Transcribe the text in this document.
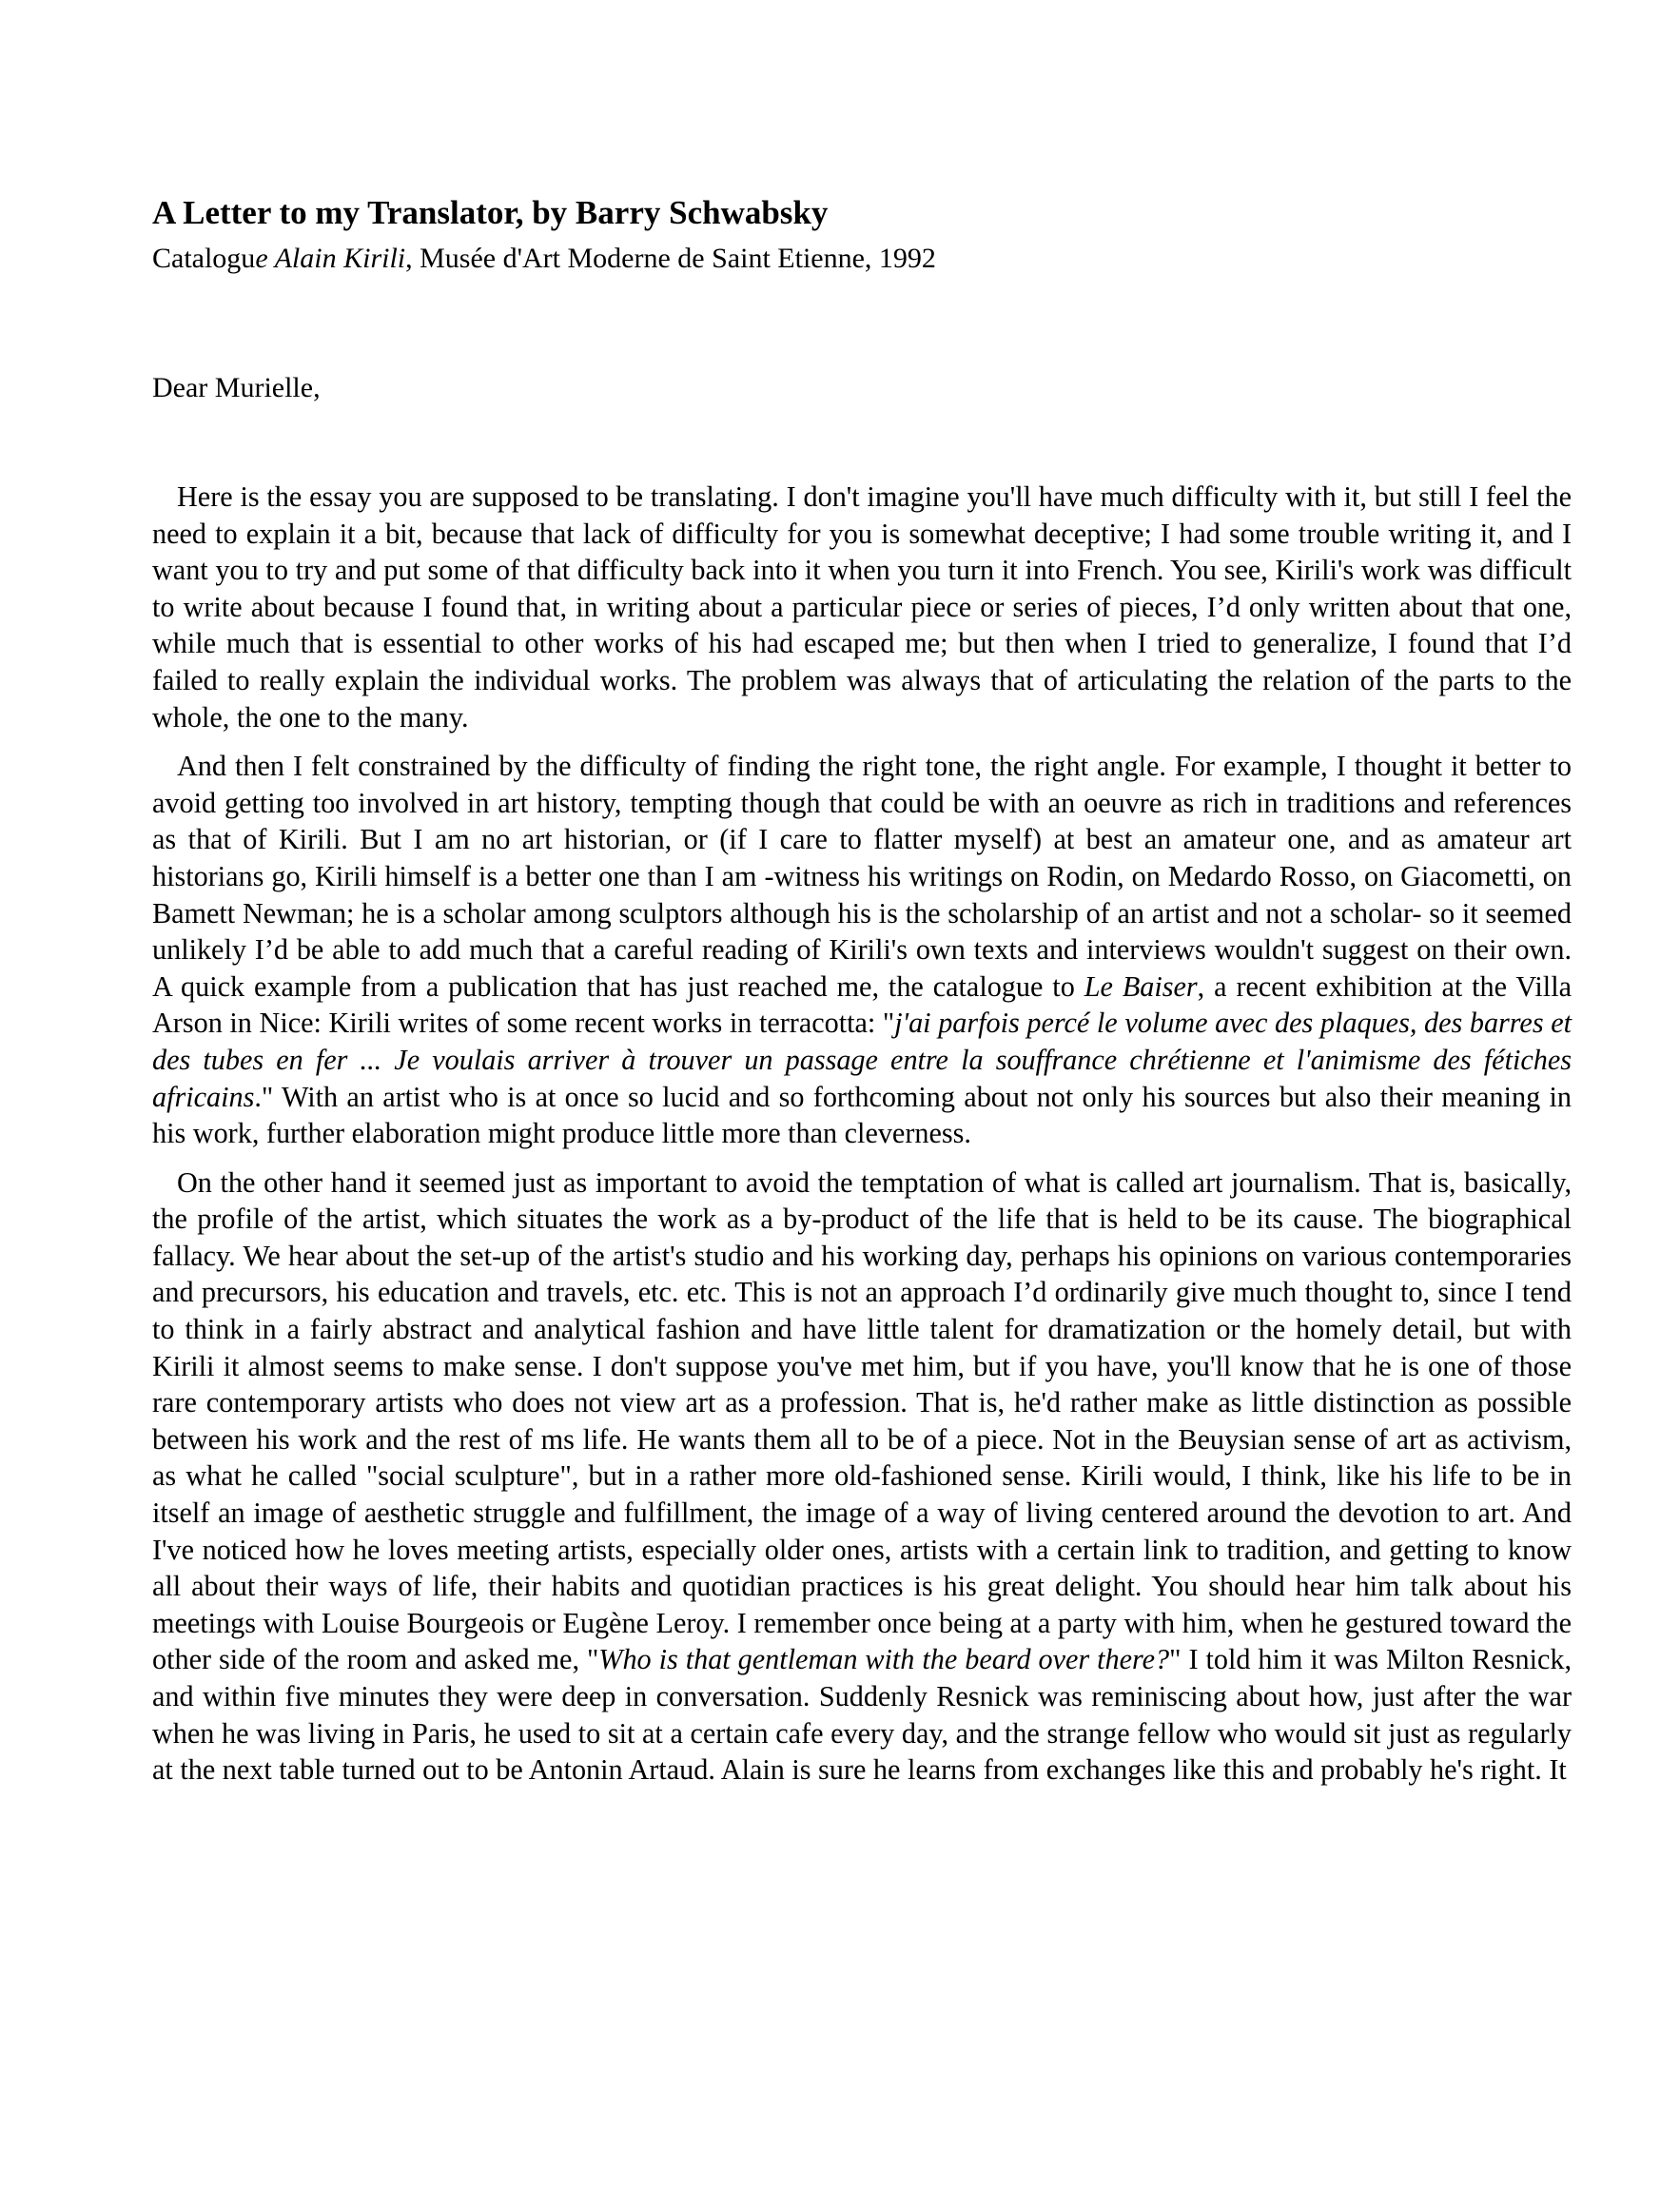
A Letter to my Translator, by Barry Schwabsky

Catalogue Alain Kirili, Musée d'Art Moderne de Saint Etienne, 1992

Dear Murielle,

Here is the essay you are supposed to be translating. I don't imagine you'll have much difficulty with it, but still I feel the need to explain it a bit, because that lack of difficulty for you is somewhat deceptive; I had some trouble writing it, and I want you to try and put some of that difficulty back into it when you turn it into French. You see, Kirili's work was difficult to write about because I found that, in writing about a particular piece or series of pieces, I’d only written about that one, while much that is essential to other works of his had escaped me; but then when I tried to generalize, I found that I’d failed to really explain the individual works. The problem was always that of articulating the relation of the parts to the whole, the one to the many.

And then I felt constrained by the difficulty of finding the right tone, the right angle. For example, I thought it better to avoid getting too involved in art history, tempting though that could be with an oeuvre as rich in traditions and references as that of Kirili. But I am no art historian, or (if I care to flatter myself) at best an amateur one, and as amateur art historians go, Kirili himself is a better one than I am -witness his writings on Rodin, on Medardo Rosso, on Giacometti, on Bamett Newman; he is a scholar among sculptors although his is the scholarship of an artist and not a scholar- so it seemed unlikely I’d be able to add much that a careful reading of Kirili's own texts and interviews wouldn't suggest on their own. A quick example from a publication that has just reached me, the catalogue to Le Baiser, a recent exhibition at the Villa Arson in Nice: Kirili writes of some recent works in terracotta: "j'ai parfois percé le volume avec des plaques, des barres et des tubes en fer ... Je voulais arriver à trouver un passage entre la souffrance chrétienne et l'animisme des fétiches africains." With an artist who is at once so lucid and so forthcoming about not only his sources but also their meaning in his work, further elaboration might produce little more than cleverness.

On the other hand it seemed just as important to avoid the temptation of what is called art journalism. That is, basically, the profile of the artist, which situates the work as a by-product of the life that is held to be its cause. The biographical fallacy. We hear about the set-up of the artist's studio and his working day, perhaps his opinions on various contemporaries and precursors, his education and travels, etc. etc. This is not an approach I’d ordinarily give much thought to, since I tend to think in a fairly abstract and analytical fashion and have little talent for dramatization or the homely detail, but with Kirili it almost seems to make sense. I don't suppose you've met him, but if you have, you'll know that he is one of those rare contemporary artists who does not view art as a profession. That is, he'd rather make as little distinction as possible between his work and the rest of ms life. He wants them all to be of a piece. Not in the Beuysian sense of art as activism, as what he called "social sculpture", but in a rather more old-fashioned sense. Kirili would, I think, like his life to be in itself an image of aesthetic struggle and fulfillment, the image of a way of living centered around the devotion to art. And I've noticed how he loves meeting artists, especially older ones, artists with a certain link to tradition, and getting to know all about their ways of life, their habits and quotidian practices is his great delight. You should hear him talk about his meetings with Louise Bourgeois or Eugène Leroy. I remember once being at a party with him, when he gestured toward the other side of the room and asked me, "Who is that gentleman with the beard over there?" I told him it was Milton Resnick, and within five minutes they were deep in conversation. Suddenly Resnick was reminiscing about how, just after the war when he was living in Paris, he used to sit at a certain cafe every day, and the strange fellow who would sit just as regularly at the next table turned out to be Antonin Artaud. Alain is sure he learns from exchanges like this and probably he's right. It
